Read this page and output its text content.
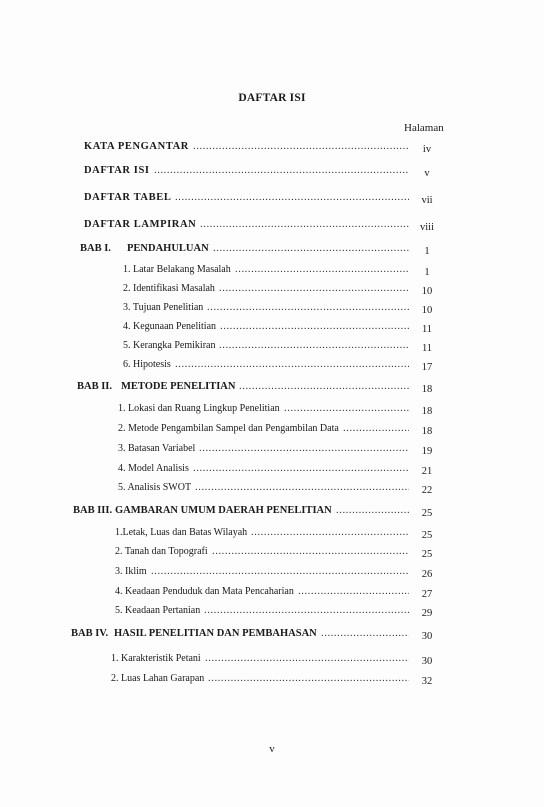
DAFTAR ISI
Halaman
KATA PENGANTAR .....	iv
DAFTAR ISI .....	v
DAFTAR TABEL .....	vii
DAFTAR LAMPIRAN .....	viii
BAB I. PENDAHULUAN .....	1
1. Latar Belakang Masalah .....	1
2. Identifikasi Masalah .....	10
3. Tujuan Penelitian .....	10
4. Kegunaan Penelitian .....	11
5. Kerangka Pemikiran .....	11
6. Hipotesis .....	17
BAB II. METODE PENELITIAN .....	18
1. Lokasi dan Ruang Lingkup Penelitian .....	18
2. Metode Pengambilan Sampel dan Pengambilan Data .....	18
3. Batasan Variabel .....	19
4. Model Analisis .....	21
5. Analisis SWOT .....	22
BAB III. GAMBARAN UMUM DAERAH PENELITIAN .....	25
1.Letak, Luas dan Batas Wilayah .....	25
2. Tanah dan Topografi .....	25
3. Iklim .....	26
4. Keadaan Penduduk dan Mata Pencaharian .....	27
5. Keadaan Pertanian .....	29
BAB IV. HASIL PENELITIAN DAN PEMBAHASAN .....	30
1. Karakteristik Petani .....	30
2. Luas Lahan Garapan .....	32
v
